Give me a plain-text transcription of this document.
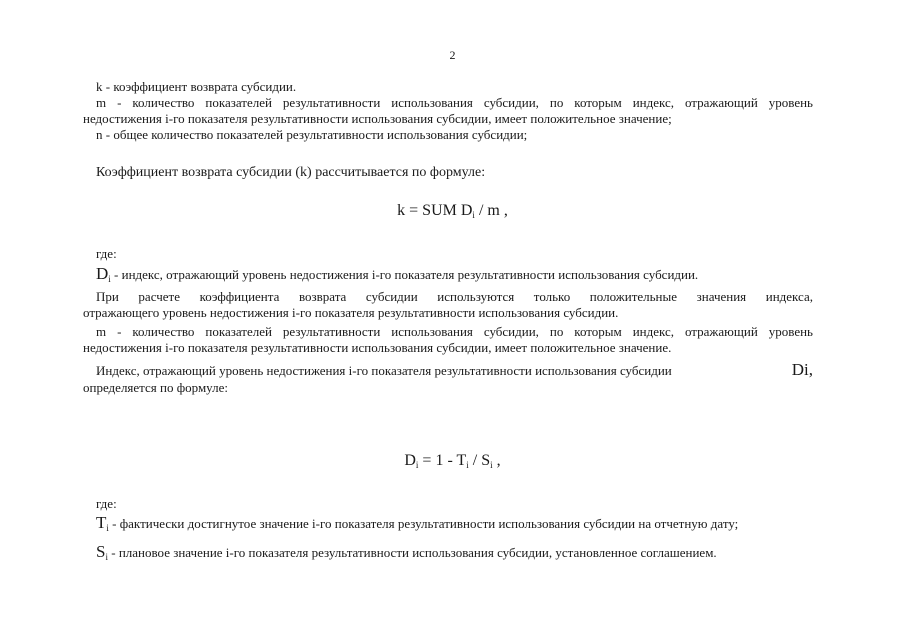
2
k - коэффициент возврата субсидии.
m - количество показателей результативности использования субсидии, по которым индекс, отражающий уровень
недостижения i-го показателя результативности использования субсидии, имеет положительное значение;
n - общее количество показателей результативности использования субсидии;
Коэффициент возврата субсидии (k) рассчитывается по формуле:
k = SUM $D_i$ / m ,
где:
$D_i$ - индекс, отражающий уровень недостижения i-го показателя результативности использования субсидии.
При расчете коэффициента возврата субсидии используются только положительные значения индекса,
отражающего уровень недостижения i-го показателя результативности использования субсидии.
m - количество показателей результативности использования субсидии, по которым индекс, отражающий уровень
недостижения i-го показателя результативности использования субсидии, имеет положительное значение.
Индекс, отражающий уровень недостижения i-го показателя результативности использования субсидии	Di,
определяется по формуле:
$D_i = 1 - T_i / S_i$ ,
где:
$T_i$ - фактически достигнутое значение i-го показателя результативности использования субсидии на отчетную дату;
$S_i$ - плановое значение i-го показателя результативности использования субсидии, установленное соглашением.
